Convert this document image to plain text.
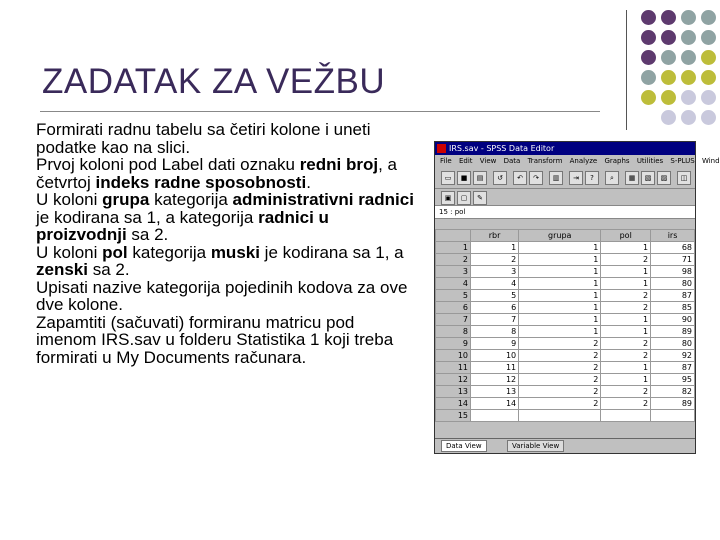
ZADATAK ZA VEŽBU

Formirati radnu tabelu sa četiri kolone i uneti podatke kao na slici.

Prvoj koloni pod Label dati oznaku redni broj, a četvrtoj indeks radne sposobnosti.

U koloni grupa kategorija administrativni radnici je kodirana sa 1, a kategorija radnici u proizvodnji sa 2.

U koloni pol kategorija muski je kodirana sa 1, a zenski sa 2.

Upisati nazive kategorija pojedinih kodova za ove dve kolone.

Zapamtiti (sačuvati) formiranu matricu pod imenom IRS.sav u folderu Statistika 1 koji treba formirati u My Documents računara.

IRS.sav - SPSS Data Editor
File Edit View Data Transform Analyze Graphs Utilities S-PLUS Wind
▭	■	▤	↺	↶	↷	▥	⇥	?	⌕	▦	▧	▨	◫
▣	▢	✎
15 : pol
	rbr	grupa	pol	irs
1	1	1	1	68
2	2	1	2	71
3	3	1	1	98
4	4	1	1	80
5	5	1	2	87
6	6	1	2	85
7	7	1	1	90
8	8	1	1	89
9	9	2	2	80
10	10	2	2	92
11	11	2	1	87
12	12	2	1	95
13	13	2	2	82
14	14	2	2	89
15				
Data View	Variable View
